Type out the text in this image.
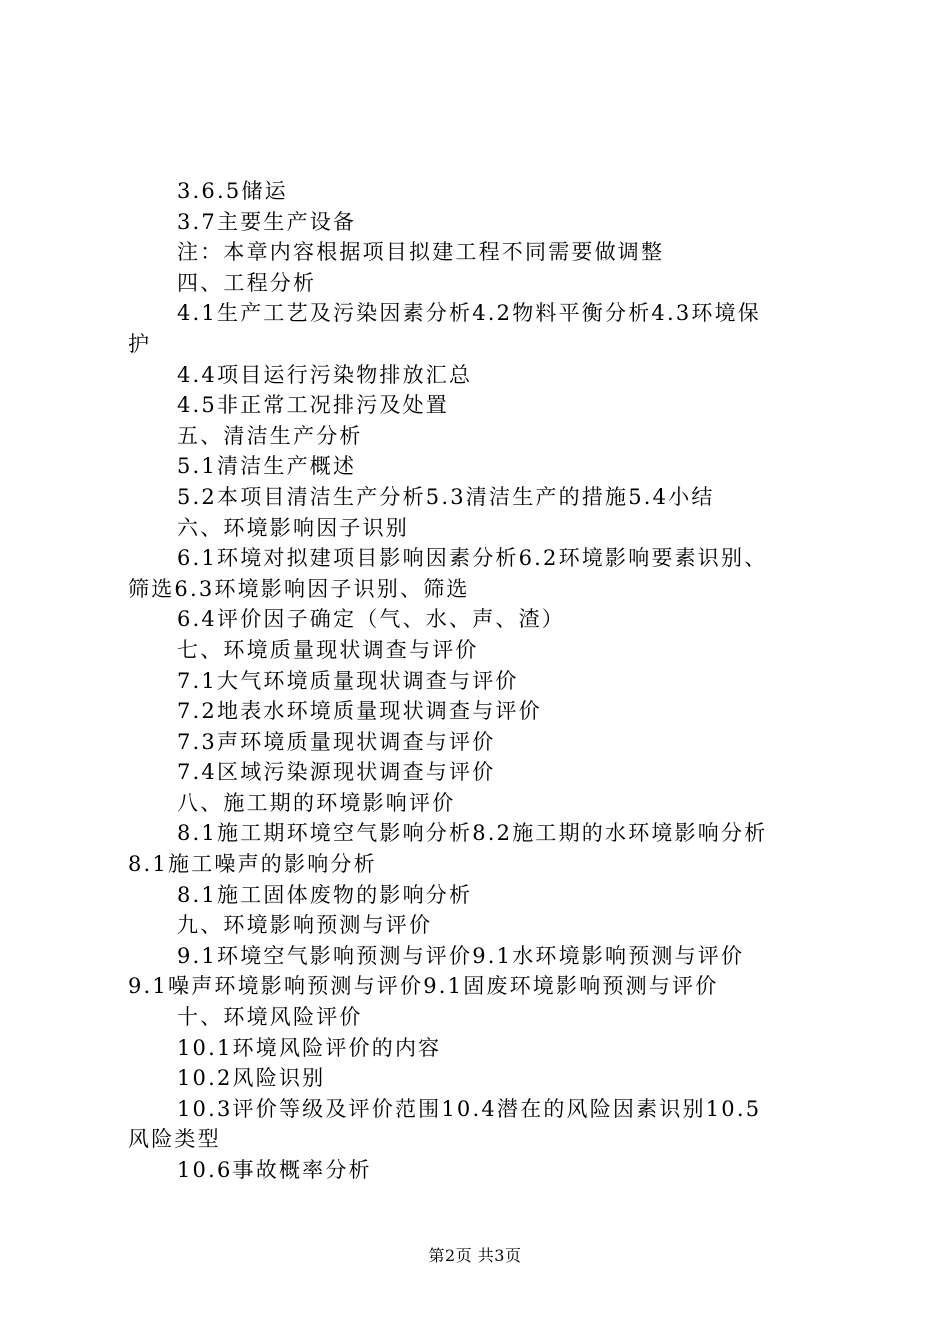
3.6.5储运

3.7主要生产设备

注：本章内容根据项目拟建工程不同需要做调整

四、工程分析

4.1生产工艺及污染因素分析4.2物料平衡分析4.3环境保

护

4.4项目运行污染物排放汇总

4.5非正常工况排污及处置

五、清洁生产分析

5.1清洁生产概述

5.2本项目清洁生产分析5.3清洁生产的措施5.4小结

六、环境影响因子识别

6.1环境对拟建项目影响因素分析6.2环境影响要素识别、

筛选6.3环境影响因子识别、筛选

6.4评价因子确定（气、水、声、渣）

七、环境质量现状调查与评价

7.1大气环境质量现状调查与评价

7.2地表水环境质量现状调查与评价

7.3声环境质量现状调查与评价

7.4区域污染源现状调查与评价

八、施工期的环境影响评价

8.1施工期环境空气影响分析8.2施工期的水环境影响分析

8.1施工噪声的影响分析

8.1施工固体废物的影响分析

九、环境影响预测与评价

9.1环境空气影响预测与评价9.1水环境影响预测与评价

9.1噪声环境影响预测与评价9.1固废环境影响预测与评价

十、环境风险评价

10.1环境风险评价的内容

10.2风险识别

10.3评价等级及评价范围10.4潜在的风险因素识别10.5

风险类型

10.6事故概率分析

第2页 共3页
